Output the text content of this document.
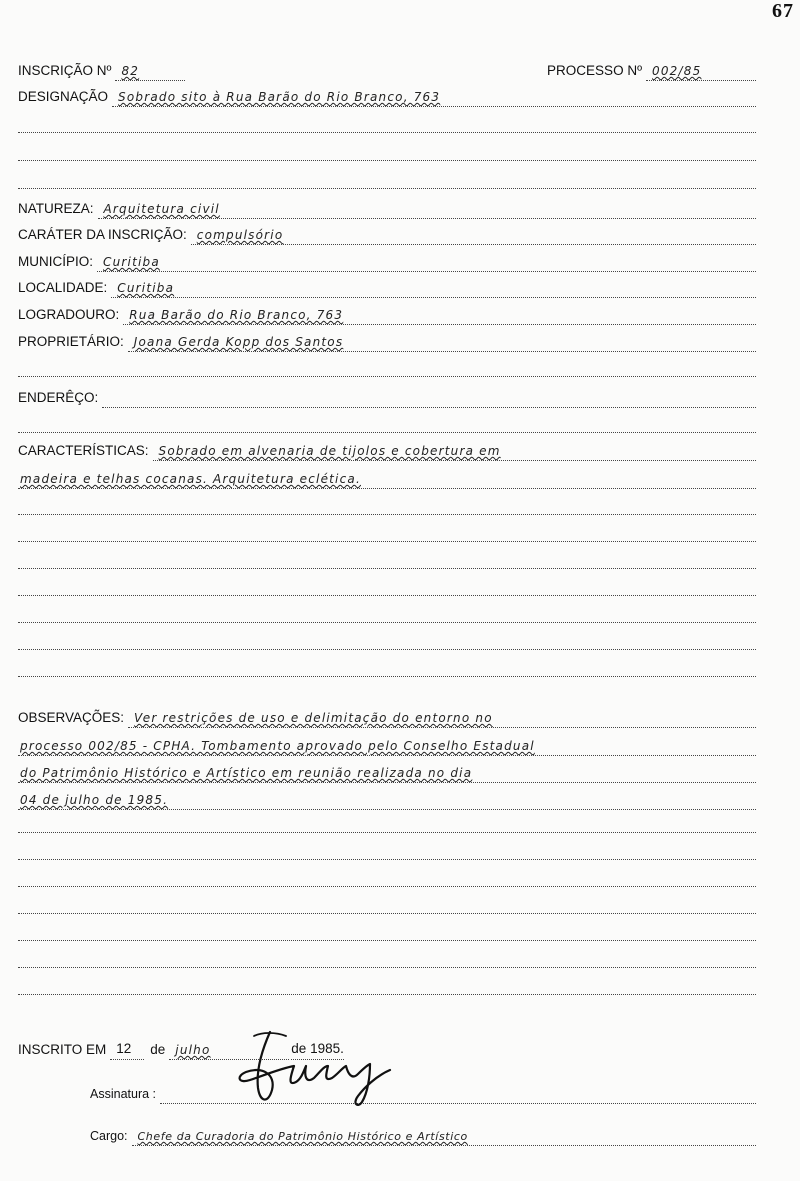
67
INSCRIÇÃO Nº 82	PROCESSO Nº 002/85
DESIGNAÇÃO Sobrado sito à Rua Barão do Rio Branco, 763
NATUREZA: Arquitetura civil
CARÁTER DA INSCRIÇÃO: compulsório
MUNICÍPIO: Curitiba
LOCALIDADE: Curitiba
LOGRADOURO: Rua Barão do Rio Branco, 763
PROPRIETÁRIO: Joana Gerda Kopp dos Santos
ENDERÊÇO:
CARACTERÍSTICAS: Sobrado em alvenaria de tijolos e cobertura em
madeira e telhas cocanas. Arquitetura eclética.
OBSERVAÇÕES: Ver restrições de uso e delimitação do entorno no
processo 002/85 - CPHA. Tombamento aprovado pelo Conselho Estadual
do Patrimônio Histórico e Artístico em reunião realizada no dia
04 de julho de 1985.
INSCRITO EM 12 de julho	de 1985.
Assinatura :
Cargo: Chefe da Curadoria do Patrimônio Histórico e Artístico
